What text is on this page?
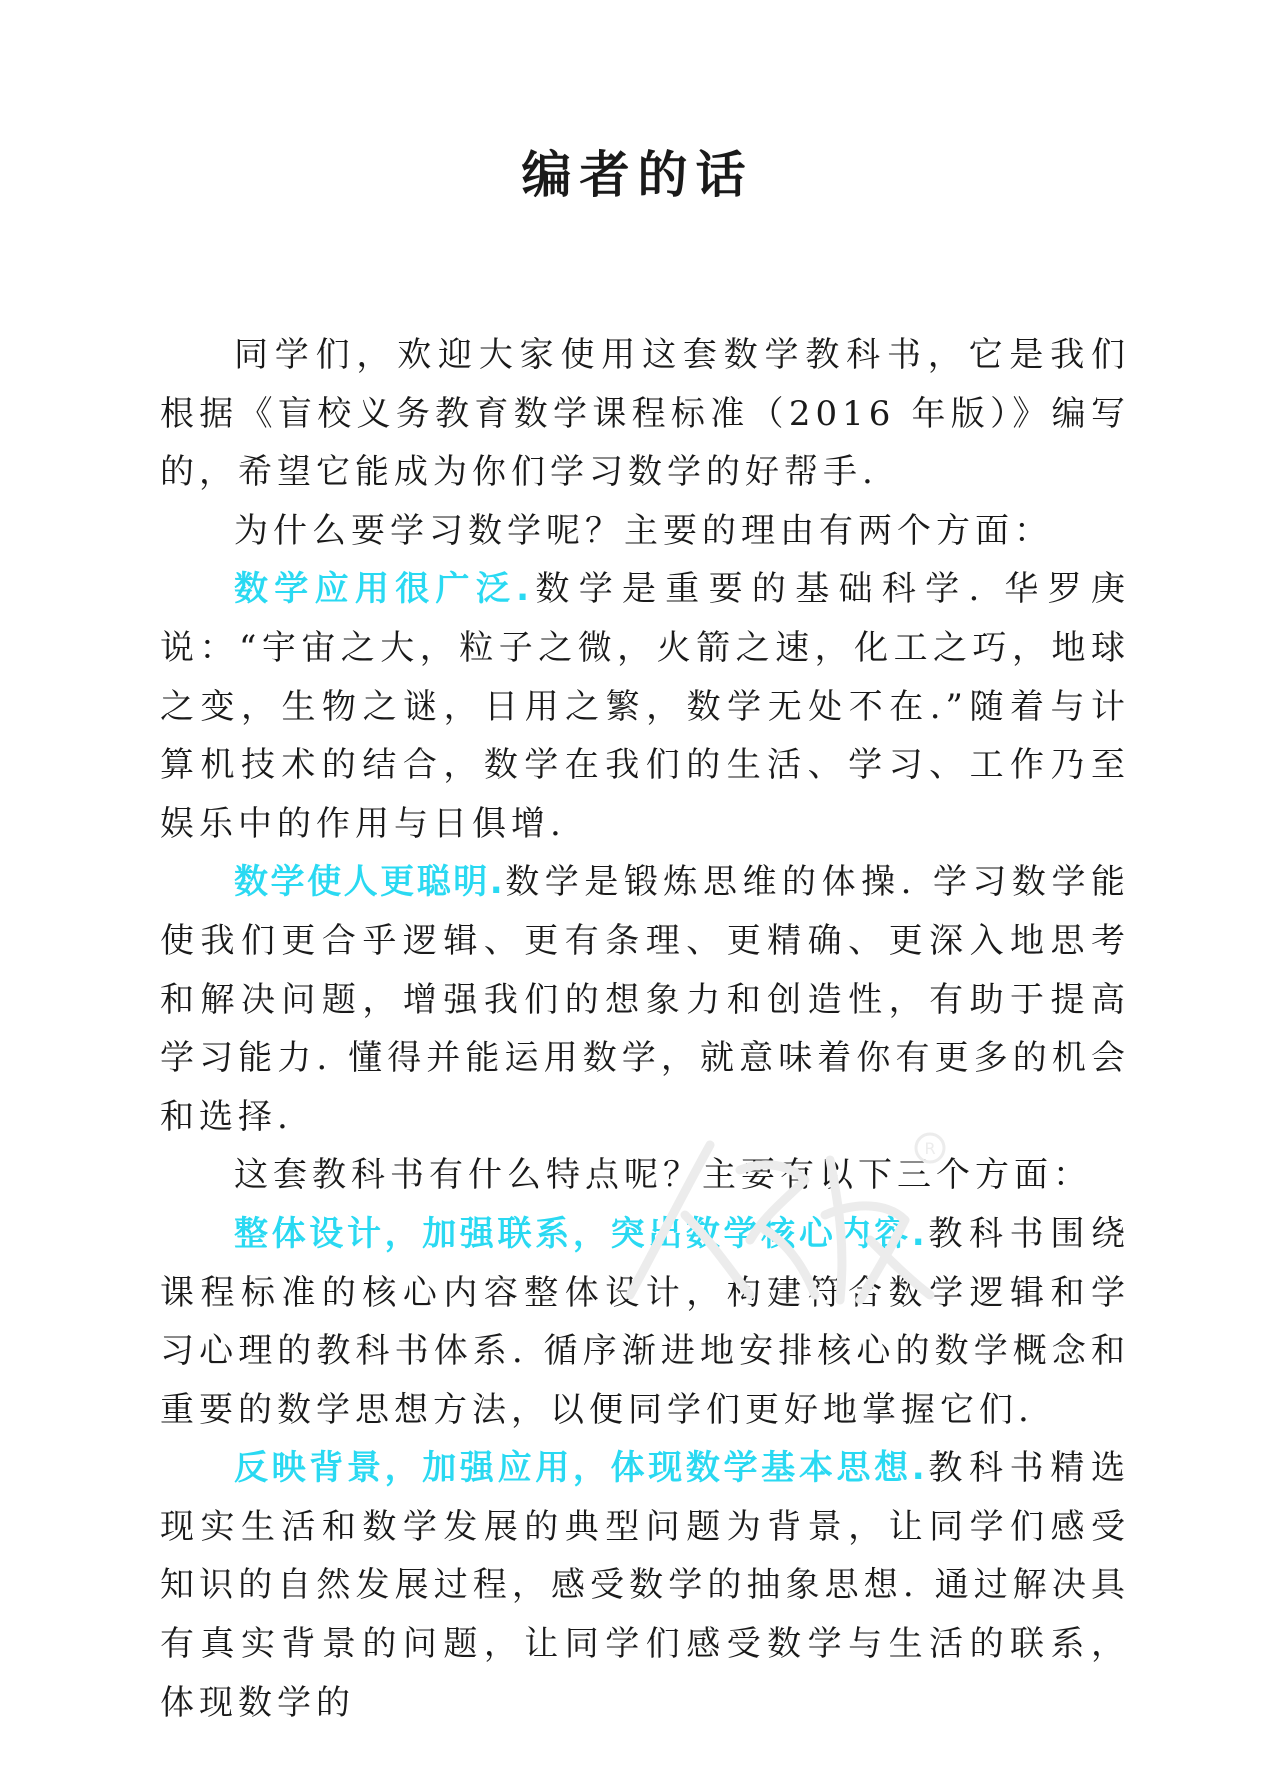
编者的话

同学们，欢迎大家使用这套数学教科书，它是我们根据《盲校义务教育数学课程标准（2016 年版）》编写的，希望它能成为你们学习数学的好帮手.

为什么要学习数学呢？主要的理由有两个方面：

数学应用很广泛.数学是重要的基础科学. 华罗庚说：“宇宙之大，粒子之微，火箭之速，化工之巧，地球之变，生物之谜，日用之繁，数学无处不在.”随着与计算机技术的结合，数学在我们的生活、学习、工作乃至娱乐中的作用与日俱增.

数学使人更聪明.数学是锻炼思维的体操. 学习数学能使我们更合乎逻辑、更有条理、更精确、更深入地思考和解决问题，增强我们的想象力和创造性，有助于提高学习能力. 懂得并能运用数学，就意味着你有更多的机会和选择.

这套教科书有什么特点呢？主要有以下三个方面：

整体设计，加强联系，突出数学核心内容.教科书围绕课程标准的核心内容整体设计，构建符合数学逻辑和学习心理的教科书体系. 循序渐进地安排核心的数学概念和重要的数学思想方法，以便同学们更好地掌握它们.

反映背景，加强应用，体现数学基本思想.教科书精选现实生活和数学发展的典型问题为背景，让同学们感受知识的自然发展过程，感受数学的抽象思想. 通过解决具有真实背景的问题，让同学们感受数学与生活的联系，体现数学的

R
